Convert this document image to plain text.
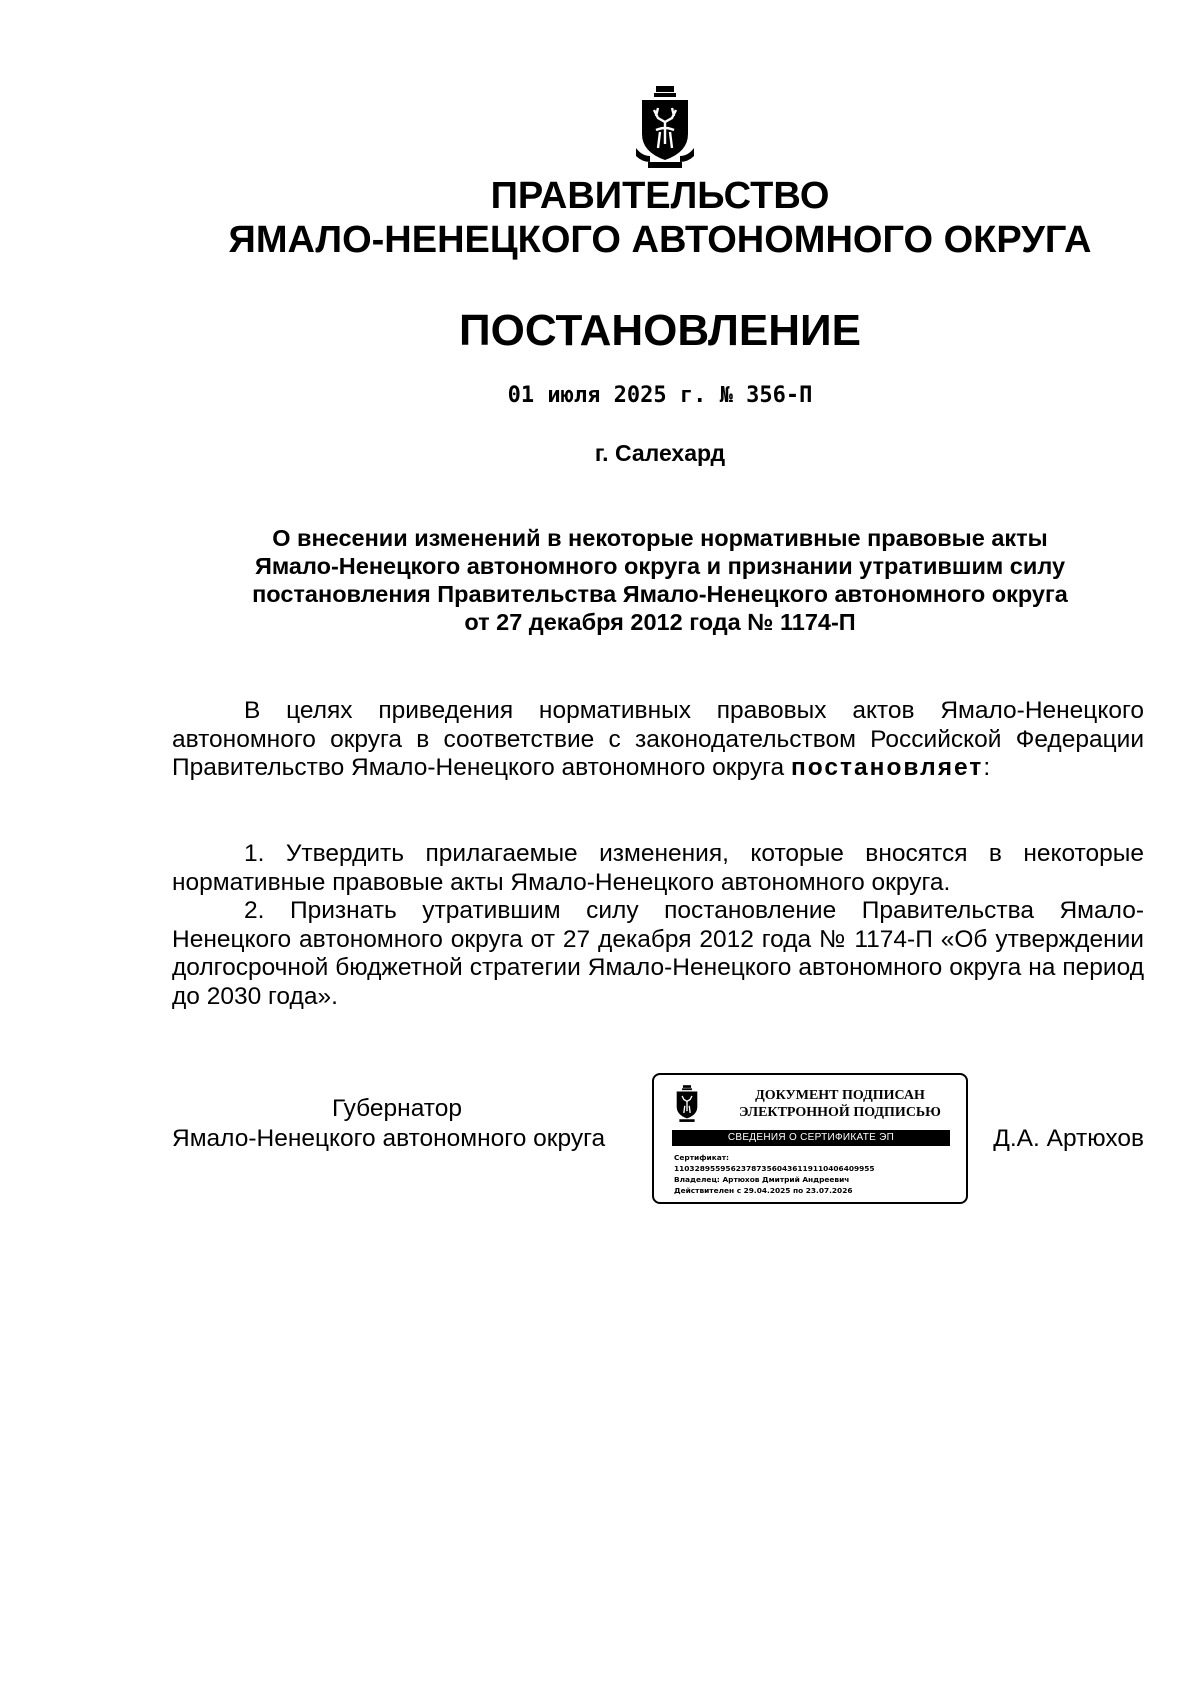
ПРАВИТЕЛЬСТВО
ЯМАЛО-НЕНЕЦКОГО АВТОНОМНОГО ОКРУГА
ПОСТАНОВЛЕНИЕ
01 июля 2025 г. № 356-П
г. Салехард
О внесении изменений в некоторые нормативные правовые акты
Ямало-Ненецкого автономного округа и признании утратившим силу
постановления Правительства Ямало-Ненецкого автономного округа
от 27 декабря 2012 года № 1174-П
В целях приведения нормативных правовых актов Ямало-Ненецкого автономного округа в соответствие с законодательством Российской Федерации Правительство Ямало-Ненецкого автономного округа постановляет:
1. Утвердить прилагаемые изменения, которые вносятся в некоторые нормативные правовые акты Ямало-Ненецкого автономного округа.
2. Признать утратившим силу постановление Правительства Ямало-Ненецкого автономного округа от 27 декабря 2012 года № 1174-П «Об утверждении долгосрочной бюджетной стратегии Ямало-Ненецкого автономного округа на период до 2030 года».
Губернатор
Ямало-Ненецкого автономного округа
ДОКУМЕНТ ПОДПИСАН
ЭЛЕКТРОННОЙ ПОДПИСЬЮ
СВЕДЕНИЯ О СЕРТИФИКАТЕ ЭП
Сертификат:
110328955956237873560436119110406409955
Владелец: Артюхов Дмитрий Андреевич
Действителен с 29.04.2025 по 23.07.2026
Д.А. Артюхов
